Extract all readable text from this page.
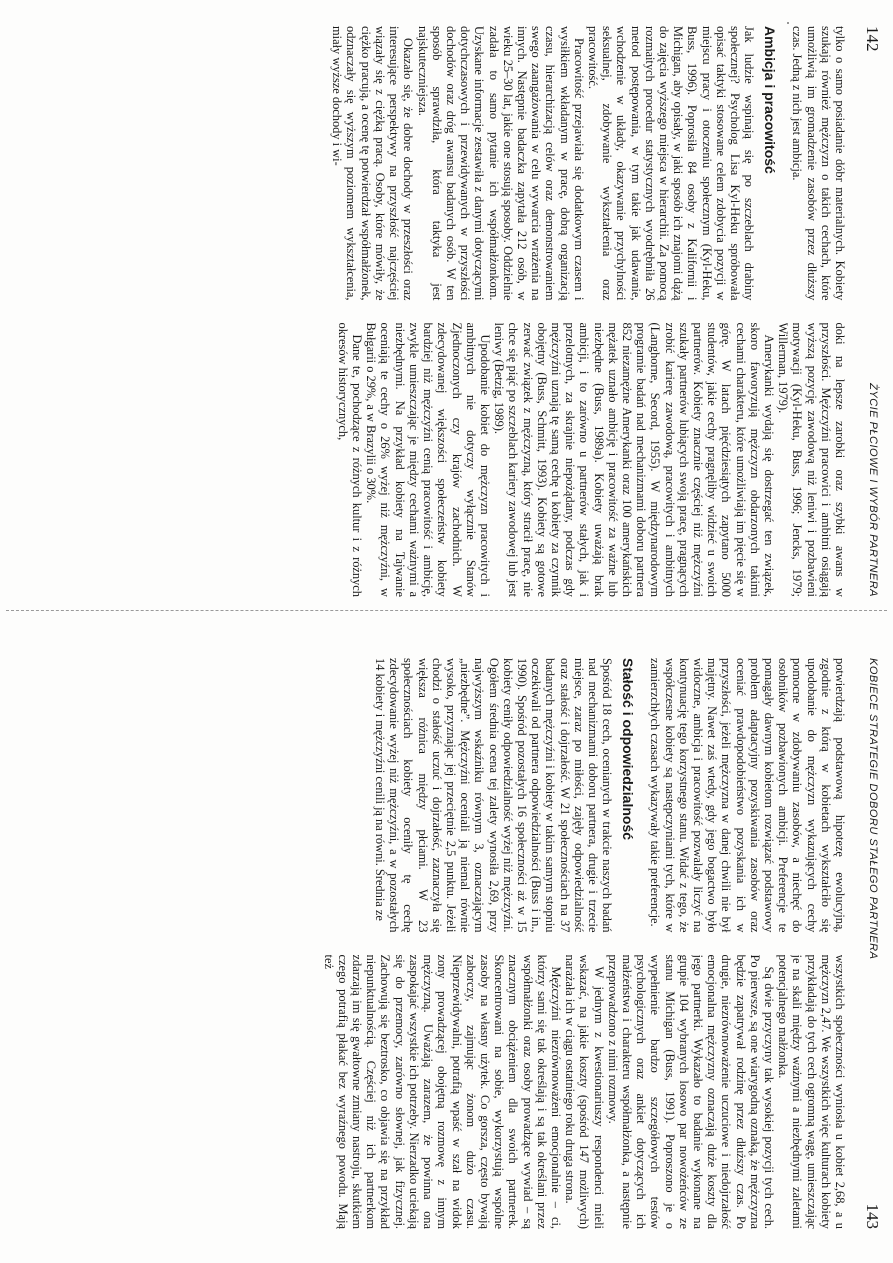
142
ŻYCIE PŁCIOWE I WYBÓR PARTNERA

tylko o samo posiadanie dóbr materialnych. Kobiety szukają również mężczyzn o takich cechach, które umożliwią im gromadzenie zasobów przez dłuższy czas. Jedną z nich jest ambicja.

Ambicja i pracowitość

Jak ludzie wspinają się po szczeblach drabiny społecznej? Psycholog Lisa Kyl-Heku spróbowała opisać taktyki stosowane celem zdobycia pozycji w miejscu pracy i otoczeniu społecznym (Kyl-Heku, Buss, 1996). Poprosiła 84 osoby z Kalifornii i Michigan, aby opisały, w jaki sposób ich znajomi dążą do zajęcia wyższego miejsca w hierarchii. Za pomocą rozmaitych procedur statystycznych wyodrębniła 26 metod postępowania, w tym takie jak udawanie, wchodzenie w układy, okazywanie przychylności seksualnej, zdobywanie wykształcenia oraz pracowitość.

Pracowitość przejawiała się dodatkowym czasem i wysiłkiem wkładanym w pracę, dobrą organizacją czasu, hierarchizacją celów oraz demonstrowaniem swego zaangażowania w celu wywarcia wrażenia na innych. Następnie badaczka zapytała 212 osób, w wieku 25–30 lat, jakie one stosują sposoby. Oddzielnie zadała to samo pytanie ich współmałżonkom. Uzyskane informacje zestawiła z danymi dotyczącymi dotychczasowych i przewidywanych w przyszłości dochodów oraz dróg awansu badanych osób. W ten sposób sprawdziła, która taktyka jest najskuteczniejsza.

Okazało się, że dobre dochody w przeszłości oraz interesujące perspektywy na przyszłość najczęściej wiązały się z ciężką pracą. Osoby, które mówiły, że ciężko pracują, a ocenę tę potwierdzał współmałżonek, odznaczały się wyższym poziomem wykształcenia, miały wyższe dochody i wi-

doki na lepsze zarobki oraz szybki awans w przyszłości. Mężczyźni pracowici i ambitni osiągają wyższą pozycję zawodową niż leniwi i pozbawieni motywacji (Kyl-Heku, Buss, 1996; Jencks, 1979; Willerman, 1979).

Amerykanki wydają się dostrzegać ten związek, skoro faworyzują mężczyzn obdarzonych takimi cechami charakteru, które umożliwiają im pięcie się w górę. W latach pięćdziesiątych zapytano 5000 studentów, jakie cechy pragnęliby widzieć u swoich partnerów. Kobiety znacznie częściej niż mężczyźni szukały partnerów lubiących swoją pracę, pragnących zrobić karierę zawodową, pracowitych i ambitnych (Langhorne, Secord, 1955). W międzynarodowym programie badań nad mechanizmami doboru partnera 852 niezamężne Amerykanki oraz 100 amerykańskich mężatek uznało ambicję i pracowitość za ważne lub niezbędne (Buss, 1989a). Kobiety uważają brak ambicji, i to zarówno u partnerów stałych, jak i przelotnych, za skrajnie niepożądany, podczas gdy mężczyźni uznają tę samą cechę u kobiety za czynnik obojętny (Buss, Schmitt, 1993). Kobiety są gotowe zerwać związek z mężczyzną, który stracił pracę, nie chce się piąć po szczeblach kariery zawodowej lub jest leniwy (Betzig, 1989).

Upodobanie kobiet do mężczyzn pracowitych i ambitnych nie dotyczy wyłącznie Stanów Zjednoczonych czy krajów zachodnich. W zdecydowanej większości społeczeństw kobiety bardziej niż mężczyźni cenią pracowitość i ambicję, zwykle umieszczając je między cechami ważnymi a niezbędnymi. Na przykład kobiety na Tajwanie oceniają te cechy o 26% wyżej niż mężczyźni, w Bułgarii o 29%, a w Brazylii o 30%.

Dane te, pochodzące z różnych kultur i z różnych okresów historycznych,

KOBIECE STRATEGIE DOBORU STAŁEGO PARTNERA
143

potwierdzają podstawową hipotezę ewolucyjną, zgodnie z którą w kobietach wykształciło się upodobanie do mężczyzn wykazujących cechy pomocne w zdobywaniu zasobów, a niechęć do osobników pozbawionych ambicji. Preferencje te pomagały dawnym kobietom rozwiązać podstawowy problem adaptacyjny pozyskiwania zasobów oraz oceniać prawdopodobieństwo pozyskania ich w przyszłości, jeżeli mężczyzna w danej chwili nie był majętny. Nawet zaś wtedy, gdy jego bogactwo było widoczne, ambicja i pracowitość pozwalały liczyć na kontynuację tego korzystnego stanu. Widać z tego, że współczesne kobiety są następczyniami tych, które w zamierzchłych czasach wykazywały takie preferencje.

Stałość i odpowiedzialność

Spośród 18 cech, ocenianych w trakcie naszych badań nad mechanizmami doboru partnera, drugie i trzecie miejsce, zaraz po miłości, zajęły odpowiedzialność oraz stałość i dojrzałość. W 21 społecznościach na 37 badanych mężczyźni i kobiety w takim samym stopniu oczekiwali od partnera odpowiedzialności (Buss i in., 1990). Spośród pozostałych 16 społeczności aż w 15 kobiety ceniły odpowiedzialność wyżej niż mężczyźni. Ogółem średnia ocena tej zalety wynosiła 2,69, przy najwyższym wskaźniku równym 3, oznaczającym „niezbędne”. Mężczyźni oceniali ją niemal równie wysoko, przyznając jej przeciętnie 2,5 punktu. Jeżeli chodzi o stałość uczuć i dojrzałość, zaznaczyła się większa różnica między płciami. W 23 społecznościach kobiety oceniły tę cechę zdecydowanie wyżej niż mężczyźni, a w pozostałych 14 kobiety i mężczyźni cenili ją na równi. Średnia ze

wszystkich społeczności wyniosła u kobiet 2,68, a u mężczyzn 2,47. We wszystkich więc kulturach kobiety przykładają do tych cech ogromną wagę, umieszczając je na skali między ważnymi a niezbędnymi zaletami potencjalnego małżonka.

Są dwie przyczyny tak wysokiej pozycji tych cech. Po pierwsze, są one wiarygodną oznaką, że mężczyzna będzie zapatrywał rodzinę przez dłuższy czas. Po drugie, niezrównoważenie uczuciowe i niedojrzałość emocjonalna mężczyzny oznaczają duże koszty dla jego partnerki. Wykazało to badanie wykonane na grupie 104 wybranych losowo par nowożeńców ze stanu Michigan (Buss, 1991). Poproszono je o wypełnienie bardzo szczegółowych testów psychologicznych oraz ankiet dotyczących ich małżeństwa i charakteru współmałżonka, a następnie przeprowadzono z nimi rozmowy.

W jednym z kwestionariuszy respondenci mieli wskazać, na jakie koszty (spośród 147 możliwych) narażała ich w ciągu ostatniego roku druga strona.

Mężczyźni niezrównoważeni emocjonalnie – ci, którzy sami się tak określają i są tak określani przez współmałżonki oraz osoby prowadzące wywiad – są znacznym obciążeniem dla swoich partnerek. Skoncentrowani na sobie, wykorzystują wspólne zasoby na własny użytek. Co gorsza, często bywają zaborczy, zajmując żonom dużo czasu. Nieprzewidywalni, potrafią wpaść w szał na widok zony prowadzącej obojętną rozmowę z innym mężczyzną. Uważają zarazem, że powinna ona zaspokajać wszystkie ich potrzeby. Nierzadko uciekają się do przemocy, zarówno słownej, jak fizycznej. Zachowują się beztrosko, co objawia się na przykład niepunktualnością. Częściej niż ich partnerkom zdarzają im się gwałtowne zmiany nastroju, skutkiem czego potrafią płakać bez wyraźnego powodu. Mają też
